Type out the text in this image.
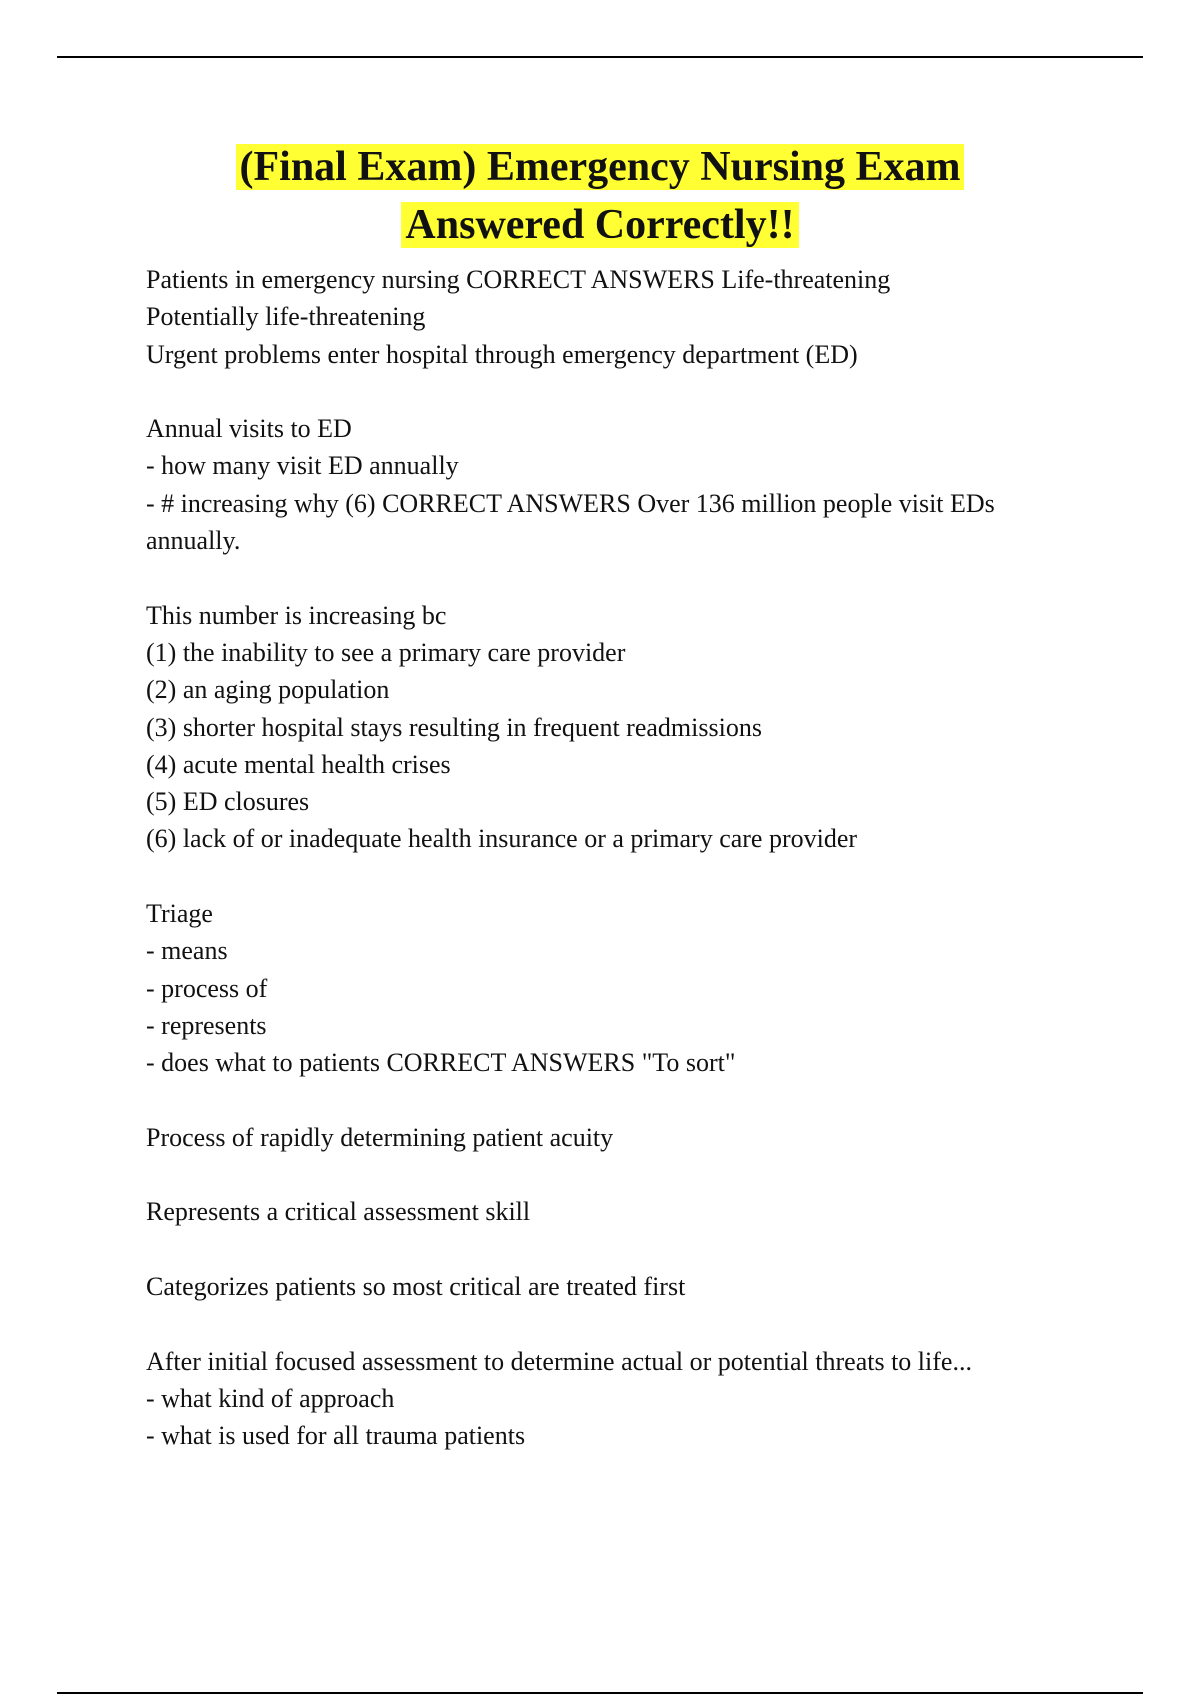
(Final Exam) Emergency Nursing Exam
Answered Correctly!!
Patients in emergency nursing CORRECT ANSWERS Life-threatening
Potentially life-threatening
Urgent problems enter hospital through emergency department (ED)
Annual visits to ED
- how many visit ED annually
- # increasing why (6) CORRECT ANSWERS Over 136 million people visit EDs
annually.
This number is increasing bc
(1) the inability to see a primary care provider
(2) an aging population
(3) shorter hospital stays resulting in frequent readmissions
(4) acute mental health crises
(5) ED closures
(6) lack of or inadequate health insurance or a primary care provider
Triage
- means
- process of
- represents
- does what to patients CORRECT ANSWERS "To sort"
Process of rapidly determining patient acuity
Represents a critical assessment skill
Categorizes patients so most critical are treated first
After initial focused assessment to determine actual or potential threats to life...
- what kind of approach
- what is used for all trauma patients
